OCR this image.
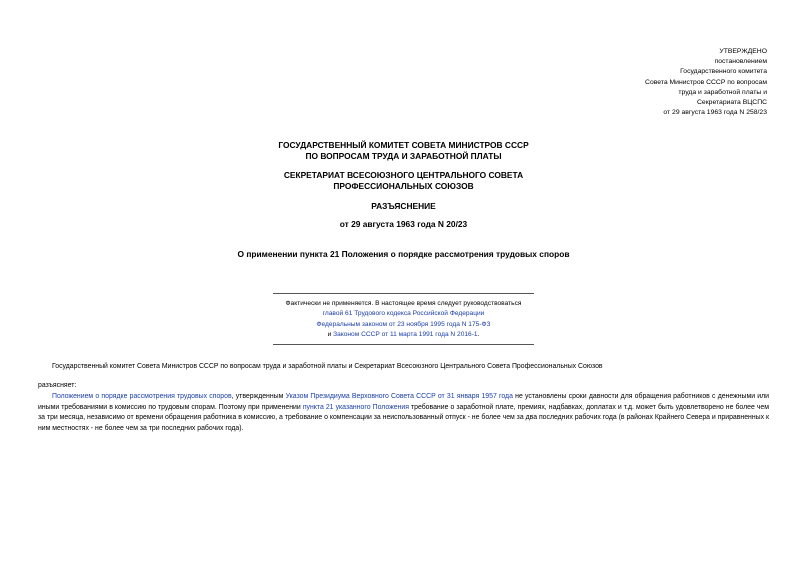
УТВЕРЖДЕНО
постановлением
Государственного комитета
Совета Министров СССР по вопросам
труда и заработной платы и
Секретариата ВЦСПС
от 29 августа 1963 года N 258/23
ГОСУДАРСТВЕННЫЙ КОМИТЕТ СОВЕТА МИНИСТРОВ СССР
ПО ВОПРОСАМ ТРУДА И ЗАРАБОТНОЙ ПЛАТЫ
СЕКРЕТАРИАТ ВСЕСОЮЗНОГО ЦЕНТРАЛЬНОГО СОВЕТА
ПРОФЕССИОНАЛЬНЫХ СОЮЗОВ
РАЗЪЯСНЕНИЕ
от 29 августа 1963 года N 20/23
О применении пункта 21 Положения о порядке рассмотрения трудовых споров
Фактически не применяется. В настоящее время следует руководствоваться
главой 61 Трудового кодекса Российской Федерации
Федеральным законом от 23 ноября 1995 года N 175-ФЗ
и Законом СССР от 11 марта 1991 года N 2016-1.
Государственный комитет Совета Министров СССР по вопросам труда и заработной платы и Секретариат Всесоюзного Центрального Совета Профессиональных Союзов
разъясняет:

Положением о порядке рассмотрения трудовых споров, утвержденным Указом Президиума Верховного Совета СССР от 31 января 1957 года не установлены сроки давности для обращения работников с денежными или иными требованиями в комиссию по трудовым спорам. Поэтому при применении пункта 21 указанного Положения требование о заработной плате, премиях, надбавках, доплатах и т.д. может быть удовлетворено не более чем за три месяца, независимо от времени обращения работника в комиссию, а требование о компенсации за неиспользованный отпуск - не более чем за два последних рабочих года (в районах Крайнего Севера и приравненных к ним местностях - не более чем за три последних рабочих года).
